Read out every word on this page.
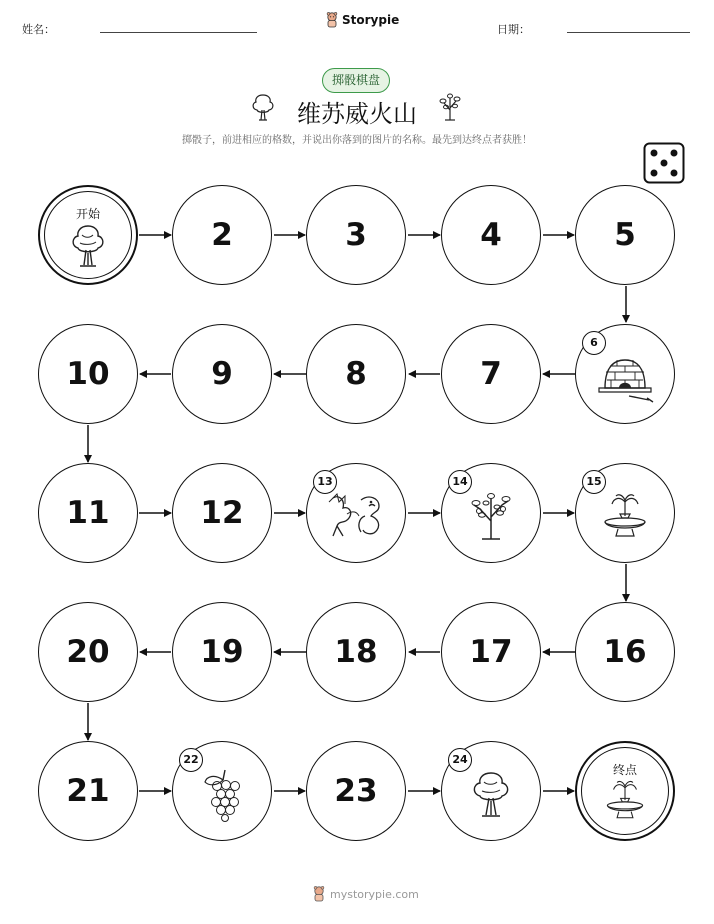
姓名：
Storypie
日期：
掷骰棋盘
维苏威火山
掷骰子，前进相应的格数，并说出你落到的图片的名称。最先到达终点者获胜！
开始
2	3	4	5
10	9	8	7
6
11	12
13	14	15
20	19	18	17	16
21
22
23
24
终点
mystorypie.com
